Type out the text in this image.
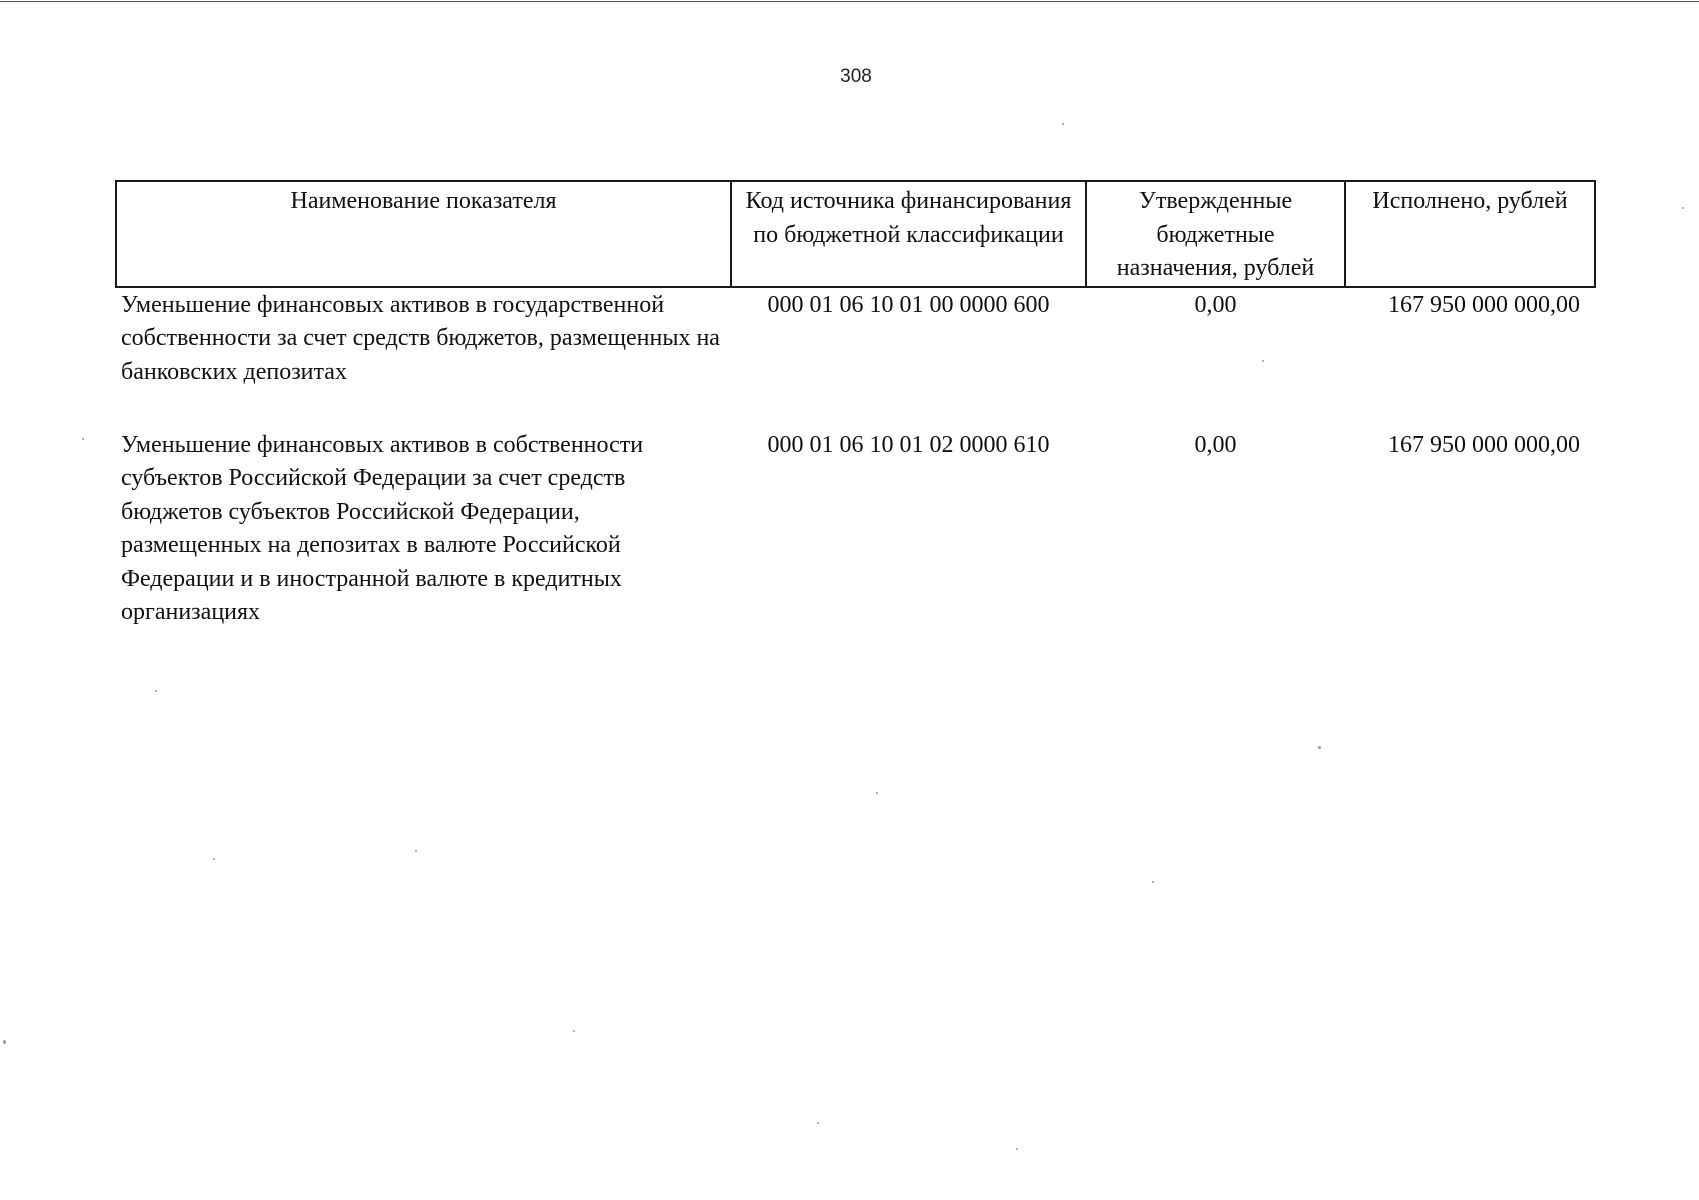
308
Наименование показателя	Код источника финансирования по бюджетной классификации	Утвержденные бюджетные назначения, рублей	Исполнено, рублей
Уменьшение финансовых активов в государственной собственности за счет средств бюджетов, размещенных на банковских депозитах	000 01 06 10 01 00 0000 600	0,00	167 950 000 000,00
Уменьшение финансовых активов в собственности субъектов Российской Федерации за счет средств бюджетов субъектов Российской Федерации, размещенных на депозитах в валюте Российской Федерации и в иностранной валюте в кредитных организациях	000 01 06 10 01 02 0000 610	0,00	167 950 000 000,00
